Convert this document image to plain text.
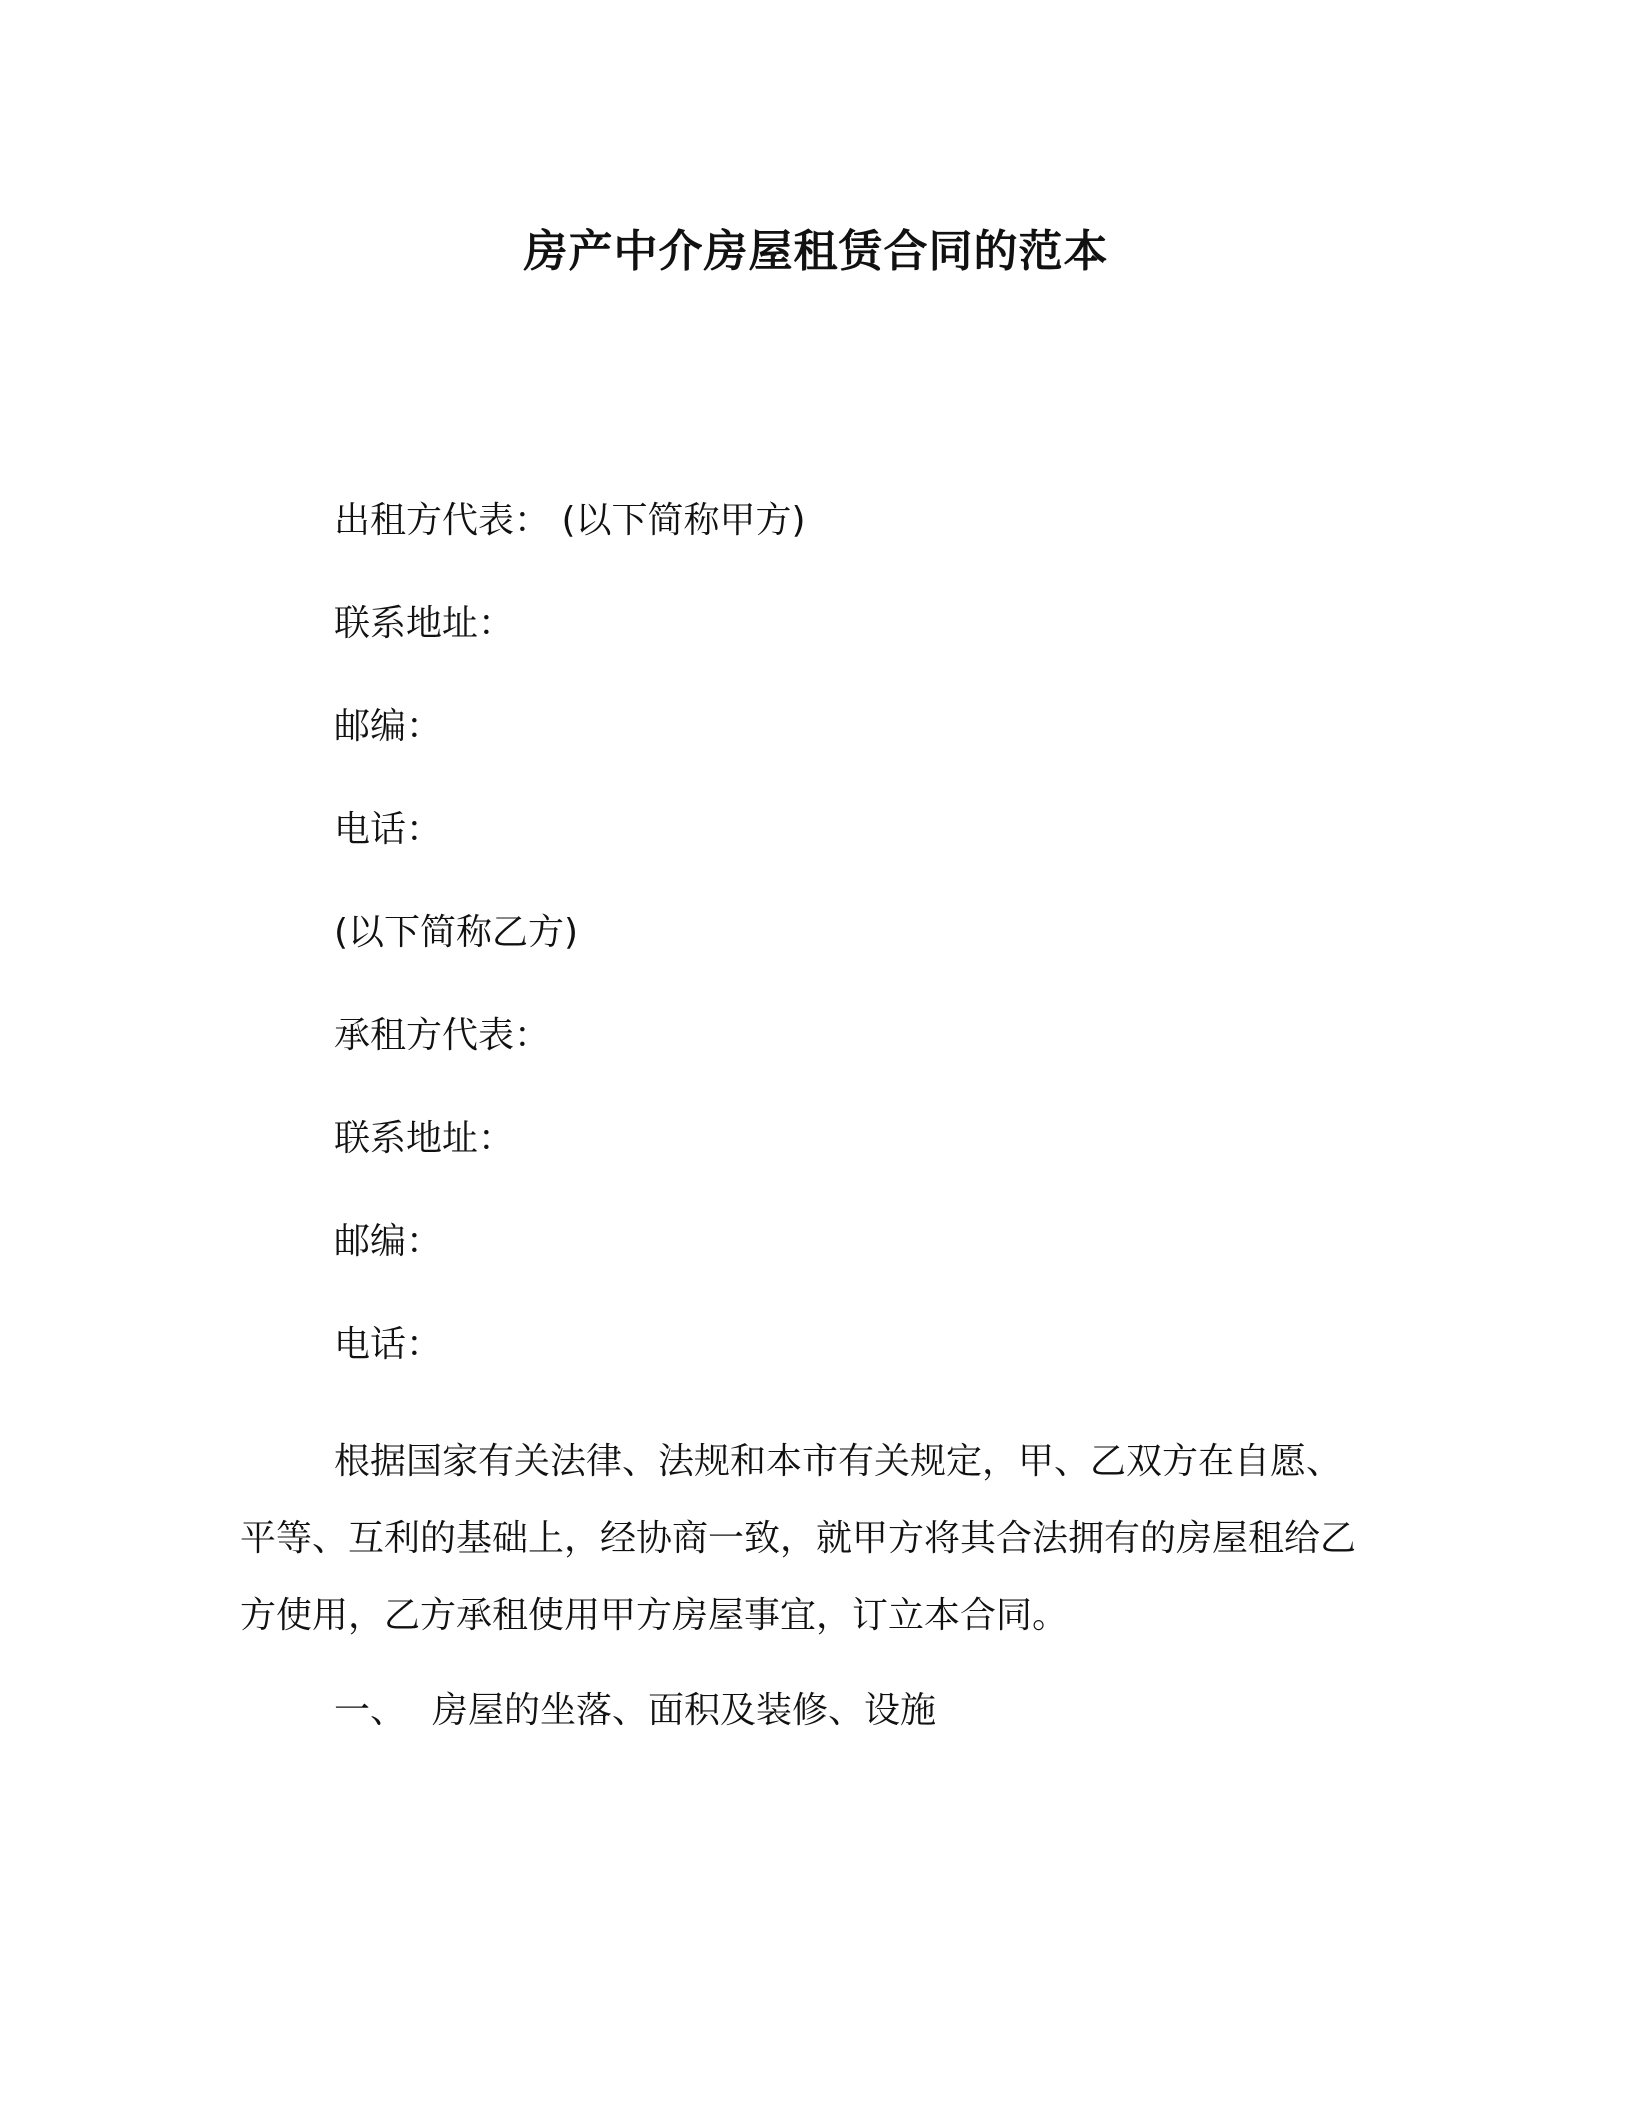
房产中介房屋租赁合同的范本
出租方代表： (以下简称甲方)
联系地址：
邮编：
电话：
(以下简称乙方)
承租方代表：
联系地址：
邮编：
电话：
根据国家有关法律、法规和本市有关规定，甲、乙双方在自愿、平等、互利的基础上，经协商一致，就甲方将其合法拥有的房屋租给乙方使用，乙方承租使用甲方房屋事宜，订立本合同。
一、 房屋的坐落、面积及装修、设施
